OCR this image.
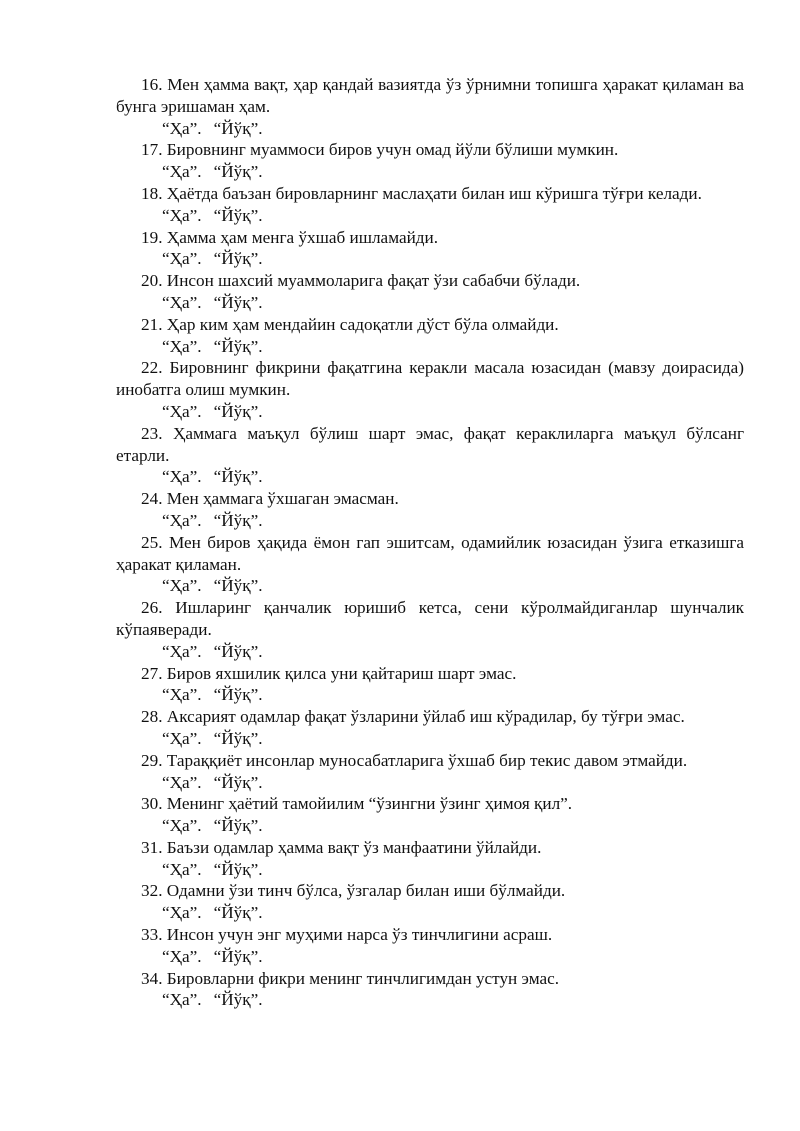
16. Мен ҳамма вақт, ҳар қандай вазиятда ўз ўрнимни топишга ҳаракат қиламан ва бунга эришаман ҳам.

“Ҳа”. “Йўқ”.

17. Бировнинг муаммоси биров учун омад йўли бўлиши мумкин.

“Ҳа”. “Йўқ”.

18. Ҳаётда баъзан бировларнинг маслаҳати билан иш кўришга тўғри келади.

“Ҳа”. “Йўқ”.

19. Ҳамма ҳам менга ўхшаб ишламайди.

“Ҳа”. “Йўқ”.

20. Инсон шахсий муаммоларига фақат ўзи сабабчи бўлади.

“Ҳа”. “Йўқ”.

21. Ҳар ким ҳам мендайин садоқатли дўст бўла олмайди.

“Ҳа”. “Йўқ”.

22. Бировнинг фикрини фақатгина керакли масала юзасидан (мавзу доирасида) инобатга олиш мумкин.

“Ҳа”. “Йўқ”.

23. Ҳаммага маъқул бўлиш шарт эмас, фақат кераклиларга маъқул бўлсанг етарли.

“Ҳа”. “Йўқ”.

24. Мен ҳаммага ўхшаган эмасман.

“Ҳа”. “Йўқ”.

25. Мен биров ҳақида ёмон гап эшитсам, одамийлик юзасидан ўзига етказишга ҳаракат қиламан.

“Ҳа”. “Йўқ”.

26. Ишларинг қанчалик юришиб кетса, сени кўролмайдиганлар шунчалик кўпаяверади.

“Ҳа”. “Йўқ”.

27. Биров яхшилик қилса уни қайтариш шарт эмас.

“Ҳа”. “Йўқ”.

28. Аксарият одамлар фақат ўзларини ўйлаб иш кўрадилар, бу тўғри эмас.

“Ҳа”. “Йўқ”.

29. Тараққиёт инсонлар муносабатларига ўхшаб бир текис давом этмайди.

“Ҳа”. “Йўқ”.

30. Менинг ҳаётий тамойилим “ўзингни ўзинг ҳимоя қил”.

“Ҳа”. “Йўқ”.

31. Баъзи одамлар ҳамма вақт ўз манфаатини ўйлайди.

“Ҳа”. “Йўқ”.

32. Одамни ўзи тинч бўлса, ўзгалар билан иши бўлмайди.

“Ҳа”. “Йўқ”.

33. Инсон учун энг муҳими нарса ўз тинчлигини асраш.

“Ҳа”. “Йўқ”.

34. Бировларни фикри менинг тинчлигимдан устун эмас.

“Ҳа”. “Йўқ”.
